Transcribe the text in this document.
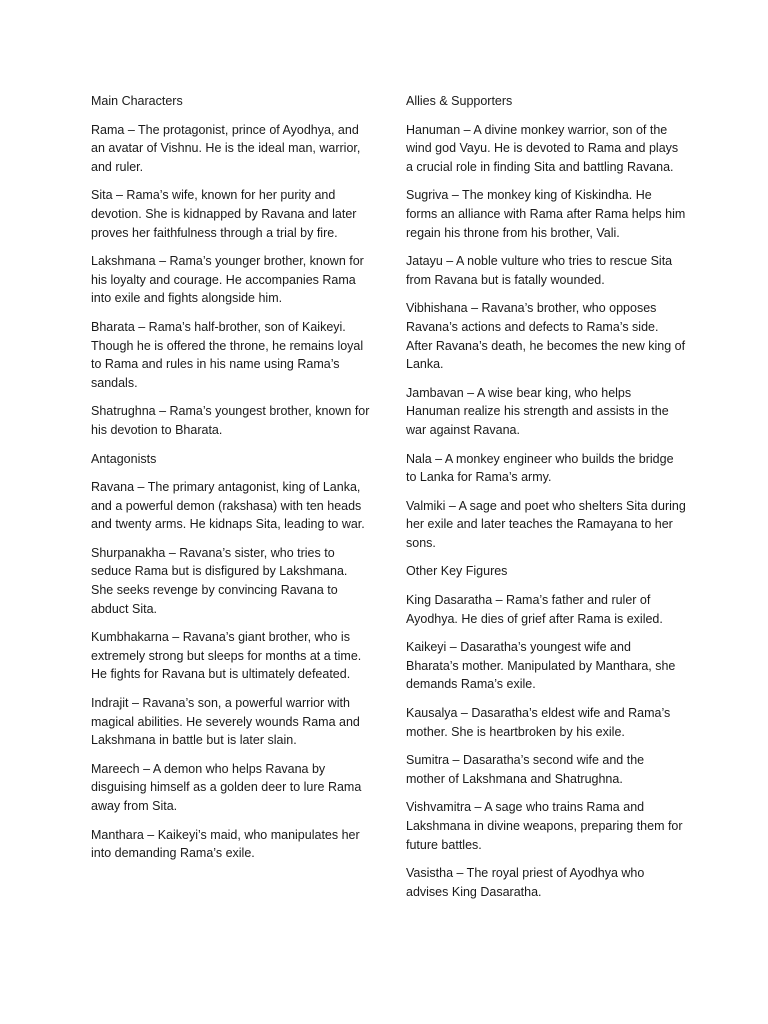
Main Characters

Rama – The protagonist, prince of Ayodhya, and an avatar of Vishnu. He is the ideal man, warrior, and ruler.

Sita – Rama’s wife, known for her purity and devotion. She is kidnapped by Ravana and later proves her faithfulness through a trial by fire.

Lakshmana – Rama’s younger brother, known for his loyalty and courage. He accompanies Rama into exile and fights alongside him.

Bharata – Rama’s half-brother, son of Kaikeyi. Though he is offered the throne, he remains loyal to Rama and rules in his name using Rama’s sandals.

Shatrughna – Rama’s youngest brother, known for his devotion to Bharata.

Antagonists

Ravana – The primary antagonist, king of Lanka, and a powerful demon (rakshasa) with ten heads and twenty arms. He kidnaps Sita, leading to war.

Shurpanakha – Ravana’s sister, who tries to seduce Rama but is disfigured by Lakshmana. She seeks revenge by convincing Ravana to abduct Sita.

Kumbhakarna – Ravana’s giant brother, who is extremely strong but sleeps for months at a time. He fights for Ravana but is ultimately defeated.

Indrajit – Ravana’s son, a powerful warrior with magical abilities. He severely wounds Rama and Lakshmana in battle but is later slain.

Mareech – A demon who helps Ravana by disguising himself as a golden deer to lure Rama away from Sita.

Manthara – Kaikeyi’s maid, who manipulates her into demanding Rama’s exile.

Allies & Supporters

Hanuman – A divine monkey warrior, son of the wind god Vayu. He is devoted to Rama and plays a crucial role in finding Sita and battling Ravana.

Sugriva – The monkey king of Kiskindha. He forms an alliance with Rama after Rama helps him regain his throne from his brother, Vali.

Jatayu – A noble vulture who tries to rescue Sita from Ravana but is fatally wounded.

Vibhishana – Ravana’s brother, who opposes Ravana’s actions and defects to Rama’s side. After Ravana’s death, he becomes the new king of Lanka.

Jambavan – A wise bear king, who helps Hanuman realize his strength and assists in the war against Ravana.

Nala – A monkey engineer who builds the bridge to Lanka for Rama’s army.

Valmiki – A sage and poet who shelters Sita during her exile and later teaches the Ramayana to her sons.

Other Key Figures

King Dasaratha – Rama’s father and ruler of Ayodhya. He dies of grief after Rama is exiled.

Kaikeyi – Dasaratha’s youngest wife and Bharata’s mother. Manipulated by Manthara, she demands Rama’s exile.

Kausalya – Dasaratha’s eldest wife and Rama’s mother. She is heartbroken by his exile.

Sumitra – Dasaratha’s second wife and the mother of Lakshmana and Shatrughna.

Vishvamitra – A sage who trains Rama and Lakshmana in divine weapons, preparing them for future battles.

Vasistha – The royal priest of Ayodhya who advises King Dasaratha.
